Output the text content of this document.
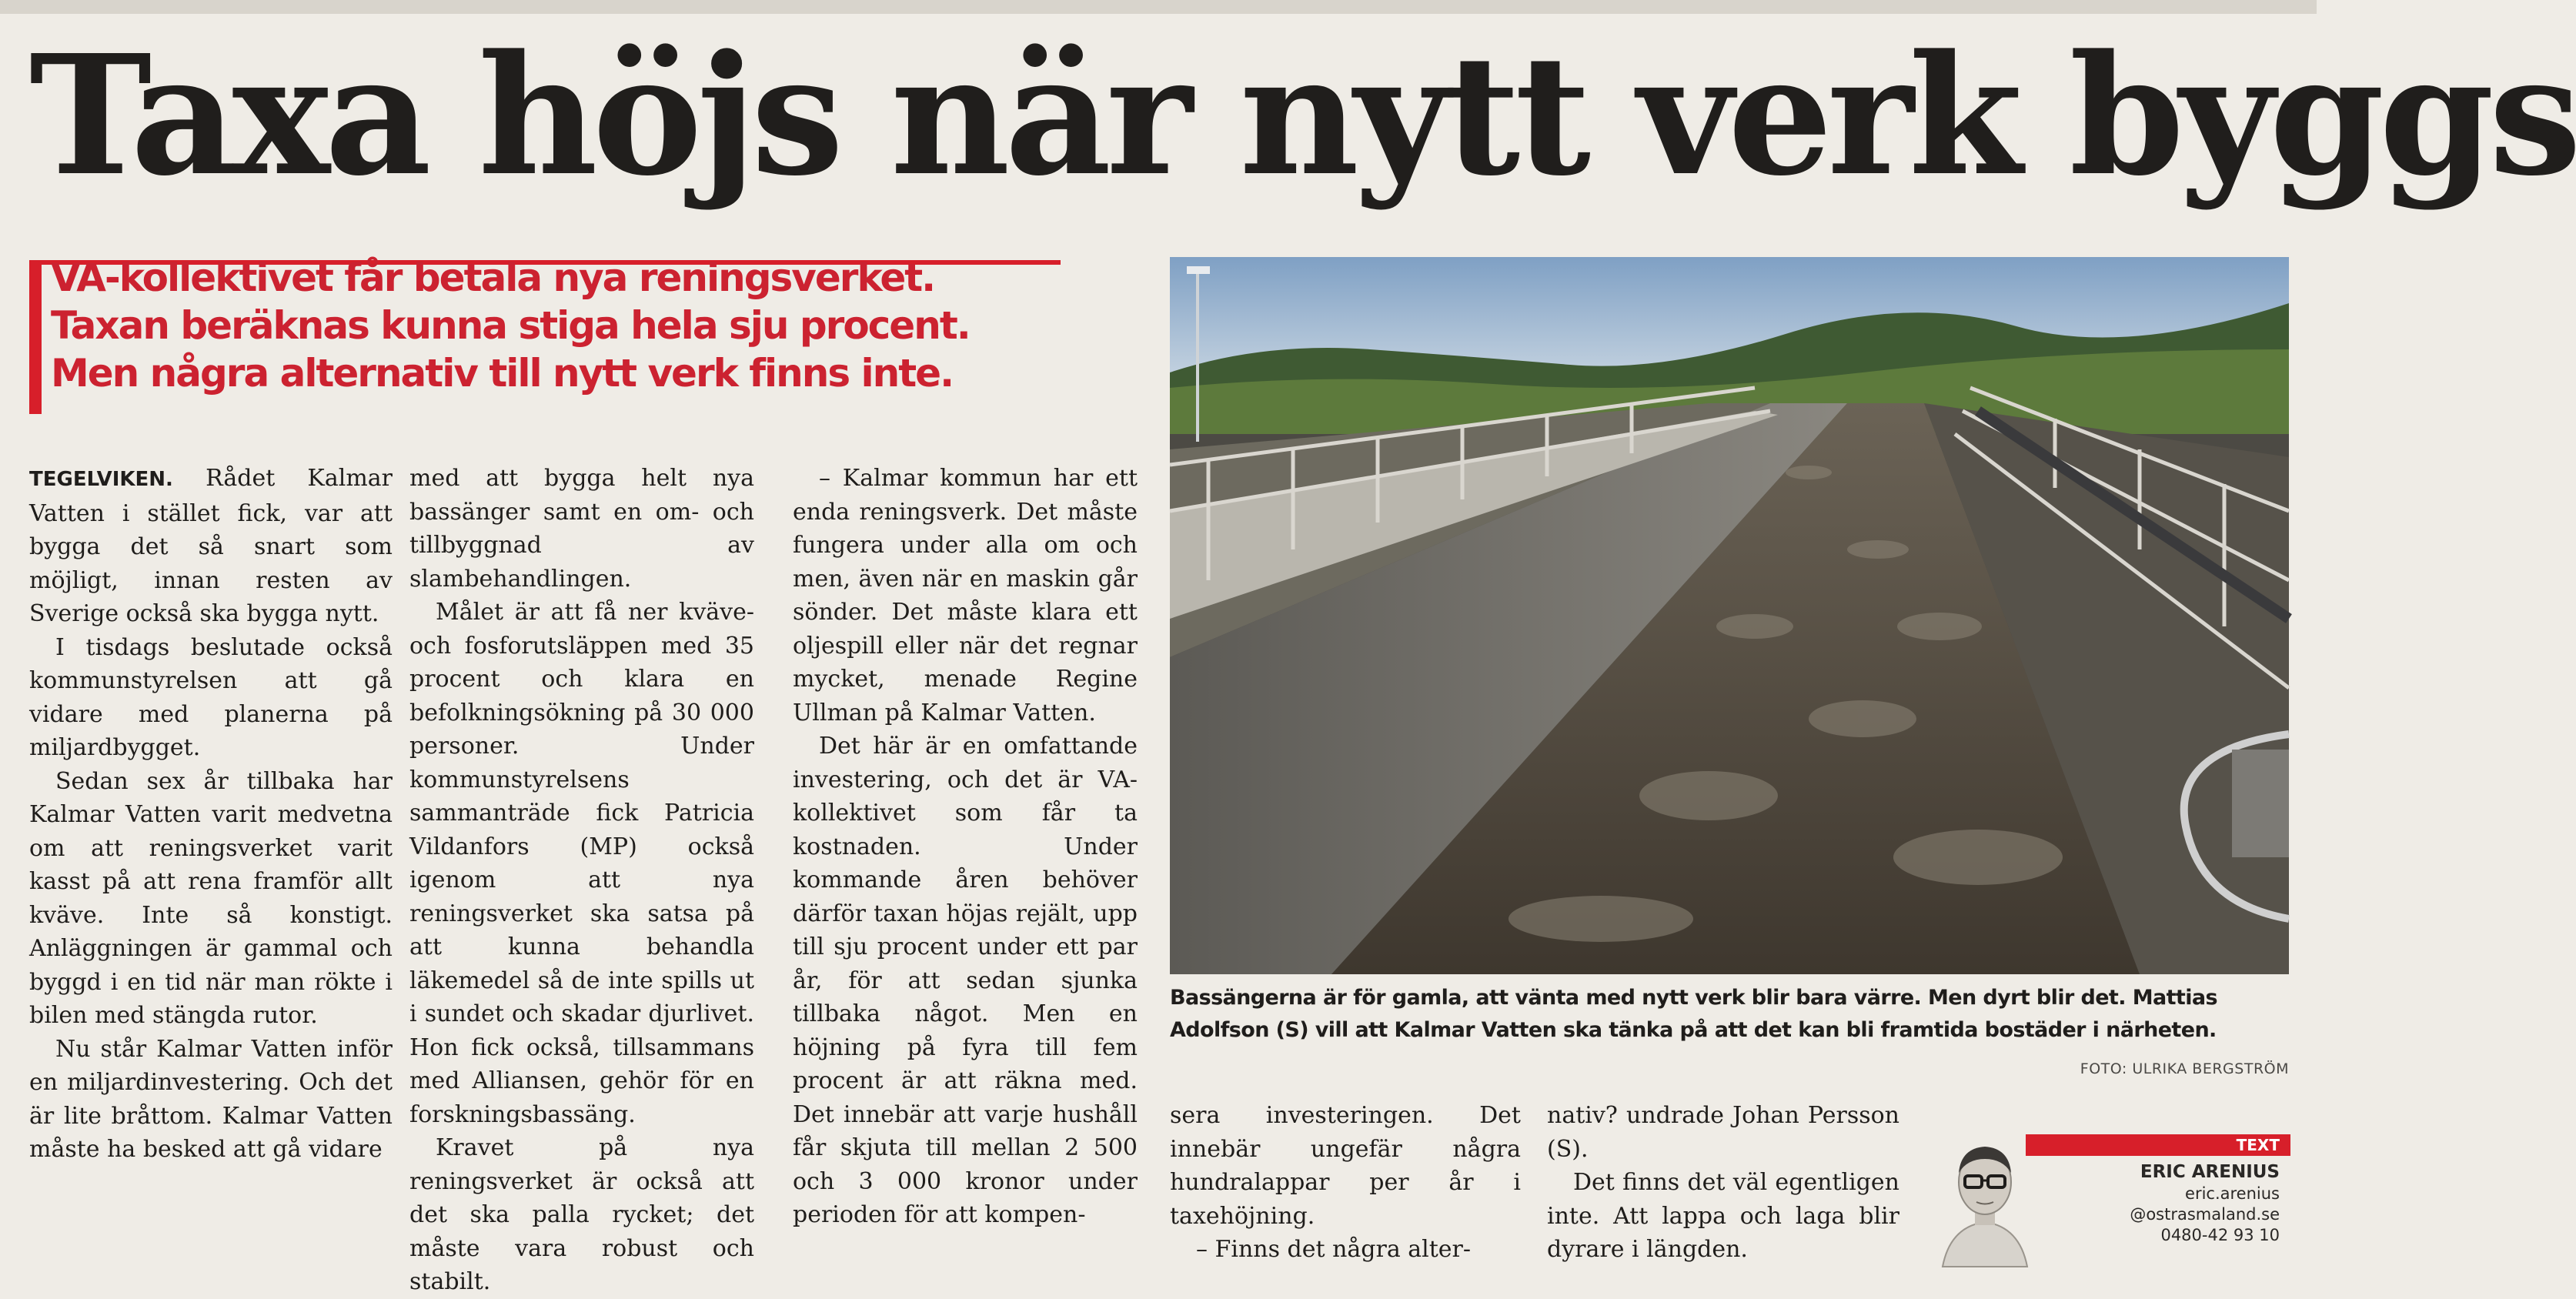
Taxa höjs när nytt verk byggs
VA-kollektivet får betala nya reningsverket.
Taxan beräknas kunna stiga hela sju procent.
Men några alternativ till nytt verk finns inte.
Bassängerna är för gamla, att vänta med nytt verk blir bara värre. Men dyrt blir det. Mattias
Adolfson (S) vill att Kalmar Vatten ska tänka på att det kan bli framtida bostäder i närheten.
FOTO: ULRIKA BERGSTRÖM

TEGELVIKEN. Rådet Kalmar Vatten i stället fick, var att bygga det så snart som möjligt, innan resten av Sverige också ska bygga nytt.

I tisdags beslutade också kommunstyrelsen att gå vidare med planerna på miljardbygget.

Sedan sex år tillbaka har Kalmar Vatten varit medvetna om att reningsverket varit kasst på att rena framför allt kväve. Inte så konstigt. Anläggningen är gammal och byggd i en tid när man rökte i bilen med stängda rutor.

Nu står Kalmar Vatten inför en miljardinvestering. Och det är lite bråttom. Kalmar Vatten måste ha besked att gå vidare

med att bygga helt nya bassänger samt en om- och tillbyggnad av slambehandlingen.

Målet är att få ner kväve- och fosforutsläppen med 35 procent och klara en befolkningsökning på 30 000 personer. Under kommunstyrelsens sammanträde fick Patricia Vildanfors (MP) också igenom att nya reningsverket ska satsa på att kunna behandla läkemedel så de inte spills ut i sundet och skadar djurlivet. Hon fick också, tillsammans med Alliansen, gehör för en forskningsbassäng.

Kravet på nya reningsverket är också att det ska palla rycket; det måste vara robust och stabilt.

– Kalmar kommun har ett enda reningsverk. Det måste fungera under alla om och men, även när en maskin går sönder. Det måste klara ett oljespill eller när det regnar mycket, menade Regine Ullman på Kalmar Vatten.

Det här är en omfattande investering, och det är VA-kollektivet som får ta kostnaden. Under kommande åren behöver därför taxan höjas rejält, upp till sju procent under ett par år, för att sedan sjunka tillbaka något. Men en höjning på fyra till fem procent är att räkna med. Det innebär att varje hushåll får skjuta till mellan 2 500 och 3 000 kronor under perioden för att kompen-

sera investeringen. Det innebär ungefär några hundralappar per år i taxehöjning.

– Finns det några alter-

nativ? undrade Johan Persson (S).

Det finns det väl egentligen inte. Att lappa och laga blir dyrare i längden.

TEXT
ERIC ARENIUS
eric.arenius
@ostrasmaland.se
0480-42 93 10
